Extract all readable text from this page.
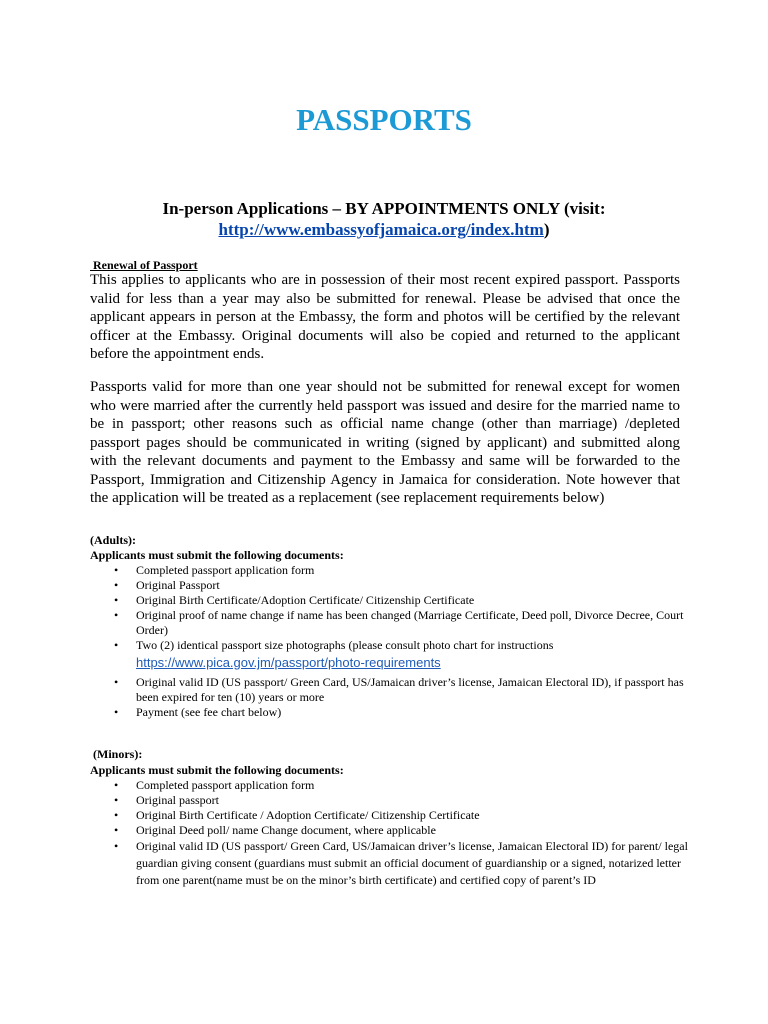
PASSPORTS
In-person Applications – BY APPOINTMENTS ONLY (visit:
http://www.embassyofjamaica.org/index.htm)
Renewal of Passport

This applies to applicants who are in possession of their most recent expired passport. Passports valid for less than a year may also be submitted for renewal. Please be advised that once the applicant appears in person at the Embassy, the form and photos will be certified by the relevant officer at the Embassy. Original documents will also be copied and returned to the applicant before the appointment ends.

Passports valid for more than one year should not be submitted for renewal except for women who were married after the currently held passport was issued and desire for the married name to be in passport; other reasons such as official name change (other than marriage) /depleted passport pages should be communicated in writing (signed by applicant) and submitted along with the relevant documents and payment to the Embassy and same will be forwarded to the Passport, Immigration and Citizenship Agency in Jamaica for consideration. Note however that the application will be treated as a replacement (see replacement requirements below)

(Adults):
Applicants must submit the following documents:
• Completed passport application form
• Original Passport
• Original Birth Certificate/Adoption Certificate/ Citizenship Certificate
• Original proof of name change if name has been changed (Marriage Certificate, Deed poll, Divorce Decree, Court Order)
• Two (2) identical passport size photographs (please consult photo chart for instructions
https://www.pica.gov.jm/passport/photo-requirements
• Original valid ID (US passport/ Green Card, US/Jamaican driver’s license, Jamaican Electoral ID), if passport has been expired for ten (10) years or more
• Payment (see fee chart below)
(Minors):
Applicants must submit the following documents:
• Completed passport application form
• Original passport
• Original Birth Certificate / Adoption Certificate/ Citizenship Certificate
• Original Deed poll/ name Change document, where applicable
• Original valid ID (US passport/ Green Card, US/Jamaican driver’s license, Jamaican Electoral ID) for parent/ legal guardian giving consent (guardians must submit an official document of guardianship or a signed, notarized letter from one parent(name must be on the minor’s birth certificate) and certified copy of parent’s ID
